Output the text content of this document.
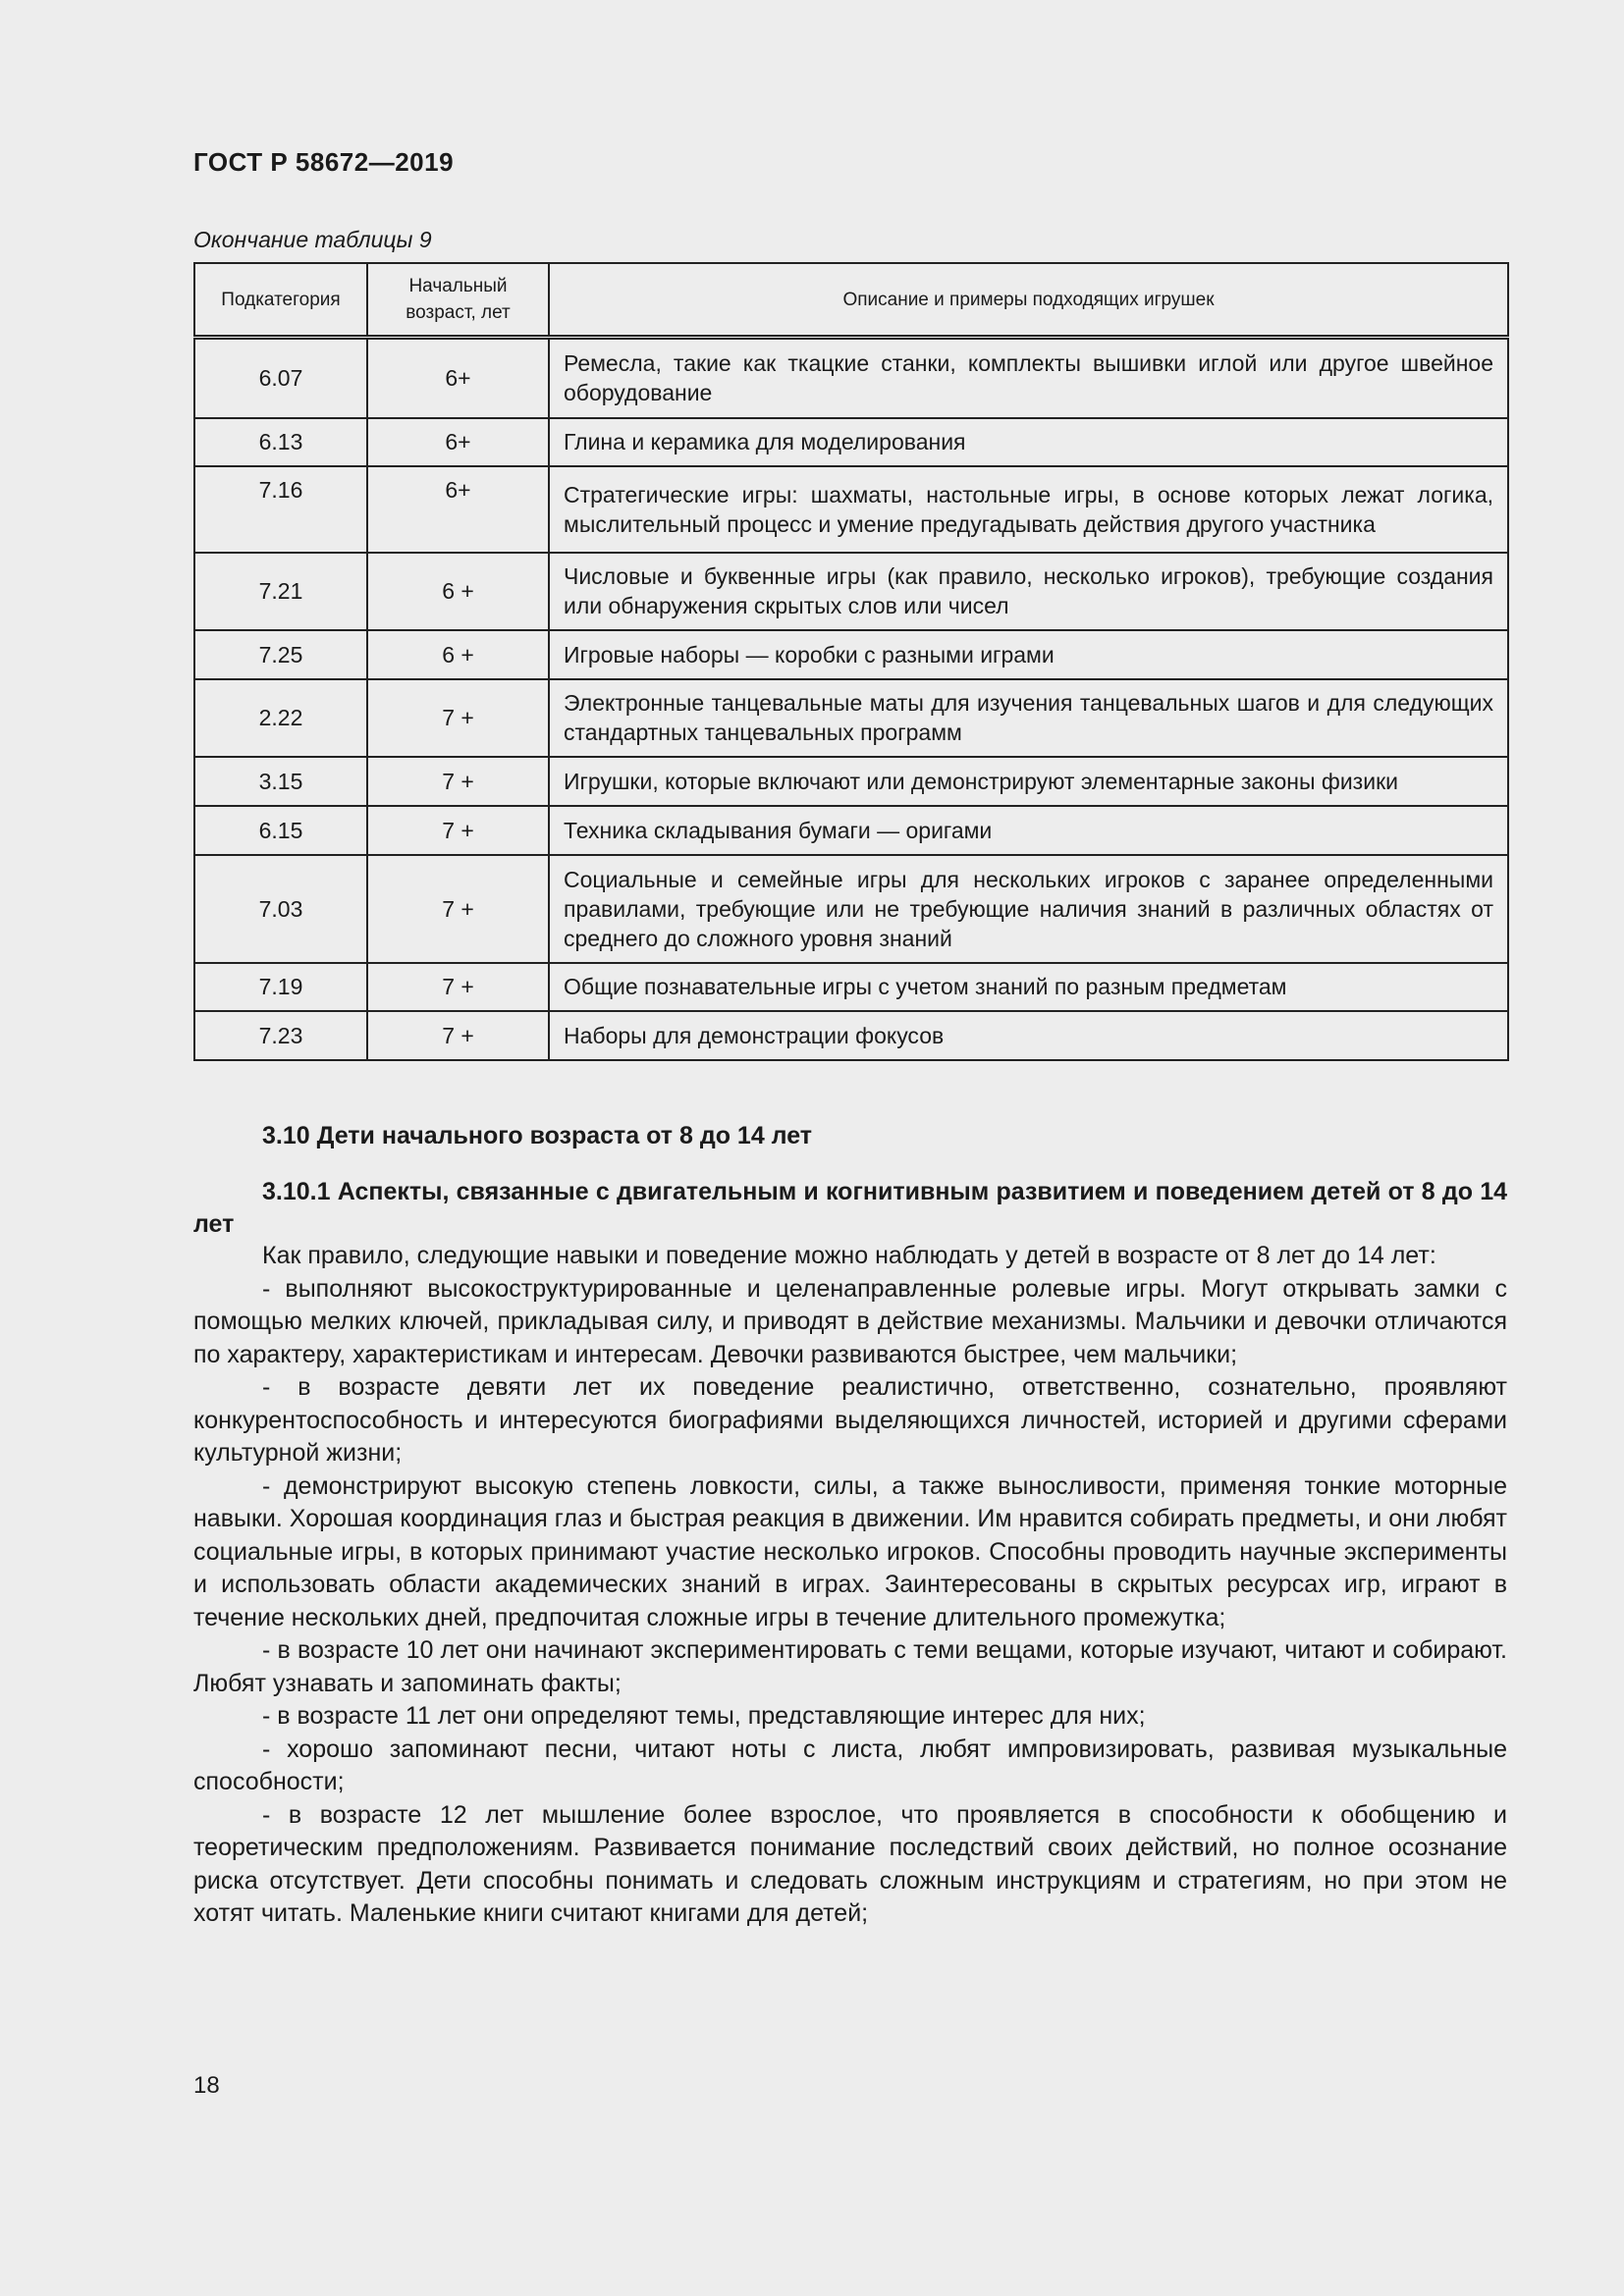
ГОСТ Р 58672—2019
Окончание таблицы 9
Подкатегория	Начальный возраст, лет	Описание и примеры подходящих игрушек
6.07	6+	Ремесла, такие как ткацкие станки, комплекты вышивки иглой или другое швейное оборудование
6.13	6+	Глина и керамика для моделирования
7.16	6+	Стратегические игры: шахматы, настольные игры, в основе которых лежат логика, мыслительный процесс и умение предугадывать действия другого участника
7.21	6 +	Числовые и буквенные игры (как правило, несколько игроков), требующие создания или обнаружения скрытых слов или чисел
7.25	6 +	Игровые наборы — коробки с разными играми
2.22	7 +	Электронные танцевальные маты для изучения танцевальных шагов и для следующих стандартных танцевальных программ
3.15	7 +	Игрушки, которые включают или демонстрируют элементарные законы физики
6.15	7 +	Техника складывания бумаги — оригами
7.03	7 +	Социальные и семейные игры для нескольких игроков с заранее определенными правилами, требующие или не требующие наличия знаний в различных областях от среднего до сложного уровня знаний
7.19	7 +	Общие познавательные игры с учетом знаний по разным предметам
7.23	7 +	Наборы для демонстрации фокусов
3.10 Дети начального возраста от 8 до 14 лет
3.10.1 Аспекты, связанные с двигательным и когнитивным развитием и поведением детей от 8 до 14 лет

Как правило, следующие навыки и поведение можно наблюдать у детей в возрасте от 8 лет до 14 лет:

- выполняют высокоструктурированные и целенаправленные ролевые игры. Могут открывать замки с помощью мелких ключей, прикладывая силу, и приводят в действие механизмы. Мальчики и девочки отличаются по характеру, характеристикам и интересам. Девочки развиваются быстрее, чем мальчики;

- в возрасте девяти лет их поведение реалистично, ответственно, сознательно, проявляют конкурентоспособность и интересуются биографиями выделяющихся личностей, историей и другими сферами культурной жизни;

- демонстрируют высокую степень ловкости, силы, а также выносливости, применяя тонкие моторные навыки. Хорошая координация глаз и быстрая реакция в движении. Им нравится собирать предметы, и они любят социальные игры, в которых принимают участие несколько игроков. Способны проводить научные эксперименты и использовать области академических знаний в играх. Заинтересованы в скрытых ресурсах игр, играют в течение нескольких дней, предпочитая сложные игры в течение длительного промежутка;

- в возрасте 10 лет они начинают экспериментировать с теми вещами, которые изучают, читают и собирают. Любят узнавать и запоминать факты;

- в возрасте 11 лет они определяют темы, представляющие интерес для них;

- хорошо запоминают песни, читают ноты с листа, любят импровизировать, развивая музыкальные способности;

- в возрасте 12 лет мышление более взрослое, что проявляется в способности к обобщению и теоретическим предположениям. Развивается понимание последствий своих действий, но полное осознание риска отсутствует. Дети способны понимать и следовать сложным инструкциям и стратегиям, но при этом не хотят читать. Маленькие книги считают книгами для детей;

18
